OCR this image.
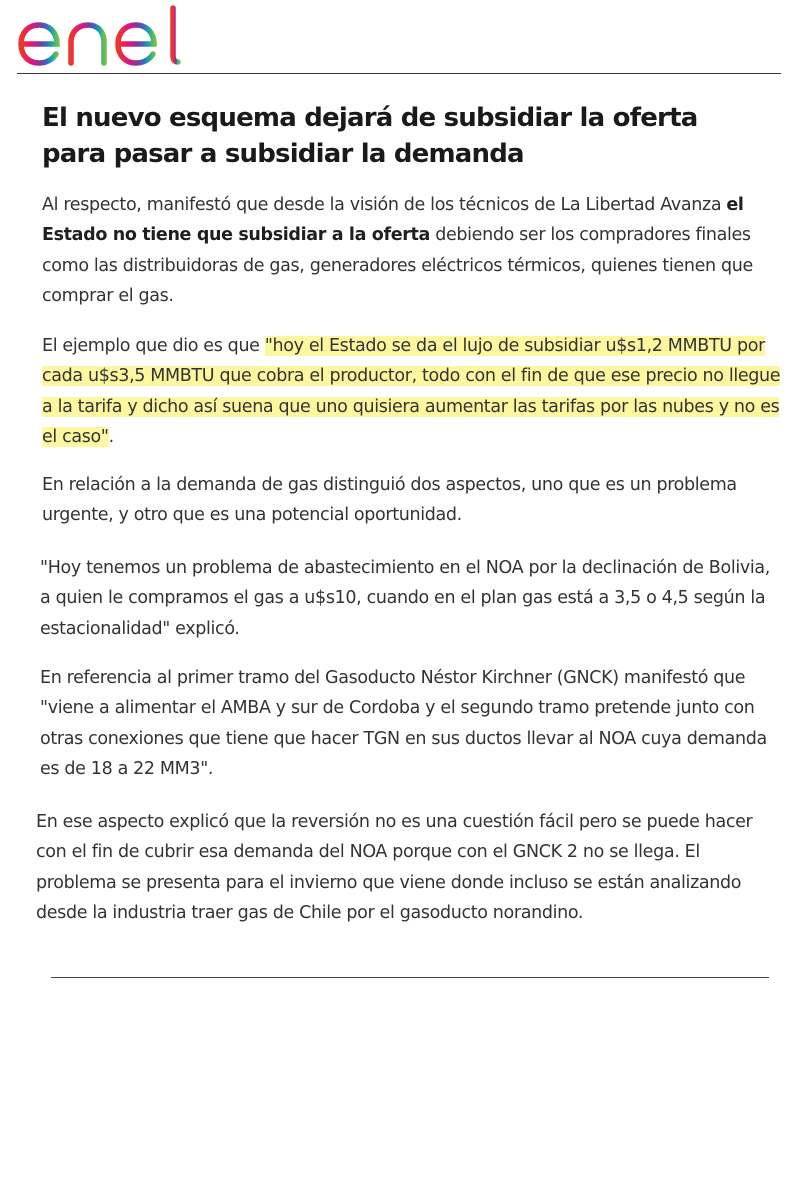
El nuevo esquema dejará de subsidiar la oferta para pasar a subsidiar la demanda

Al respecto, manifestó que desde la visión de los técnicos de La Libertad Avanza el Estado no tiene que subsidiar a la oferta debiendo ser los compradores finales como las distribuidoras de gas, generadores eléctricos térmicos, quienes tienen que comprar el gas.

El ejemplo que dio es que "hoy el Estado se da el lujo de subsidiar u$s1,2 MMBTU por cada u$s3,5 MMBTU que cobra el productor, todo con el fin de que ese precio no llegue a la tarifa y dicho así suena que uno quisiera aumentar las tarifas por las nubes y no es el caso".

En relación a la demanda de gas distinguió dos aspectos, uno que es un problema urgente, y otro que es una potencial oportunidad.

"Hoy tenemos un problema de abastecimiento en el NOA por la declinación de Bolivia, a quien le compramos el gas a u$s10, cuando en el plan gas está a 3,5 o 4,5 según la estacionalidad" explicó.

En referencia al primer tramo del Gasoducto Néstor Kirchner (GNCK) manifestó que "viene a alimentar el AMBA y sur de Cordoba y el segundo tramo pretende junto con otras conexiones que tiene que hacer TGN en sus ductos llevar al NOA cuya demanda es de 18 a 22 MM3".

En ese aspecto explicó que la reversión no es una cuestión fácil pero se puede hacer con el fin de cubrir esa demanda del NOA porque con el GNCK 2 no se llega. El problema se presenta para el invierno que viene donde incluso se están analizando desde la industria traer gas de Chile por el gasoducto norandino.
